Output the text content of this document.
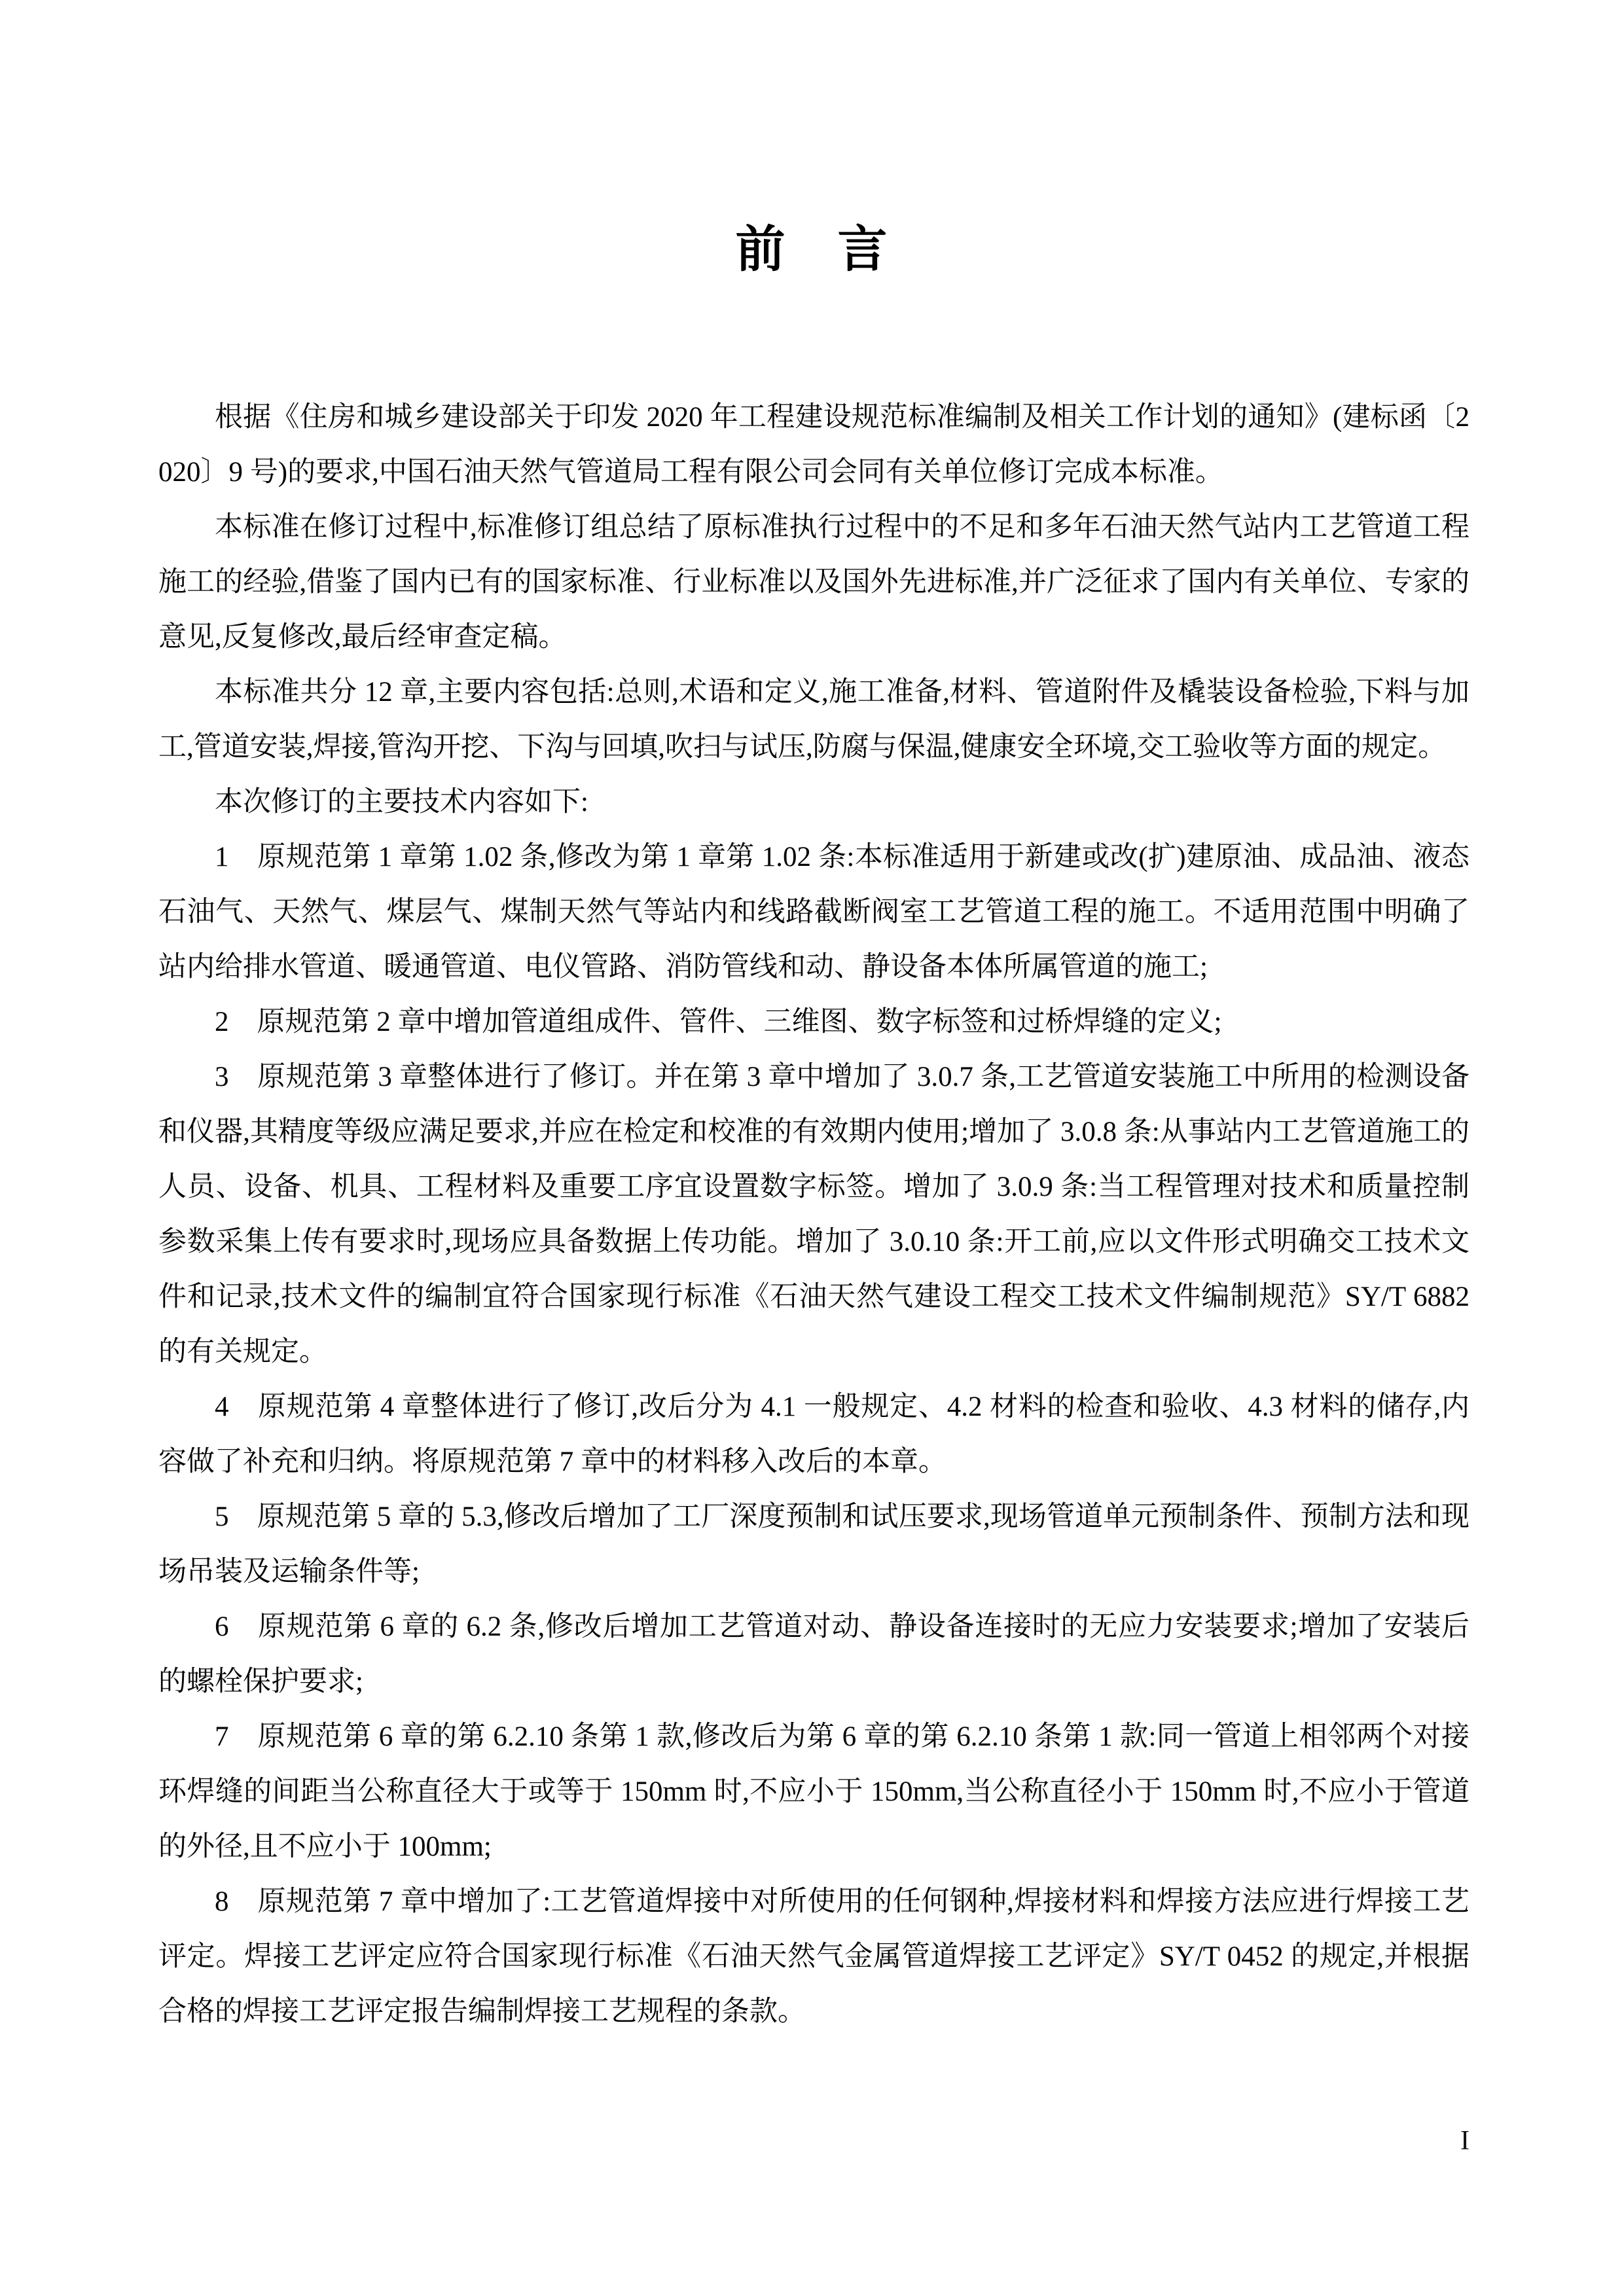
前　言

根据《住房和城乡建设部关于印发 2020 年工程建设规范标准编制及相关工作计划的通知》(建标函〔2020〕9 号)的要求,中国石油天然气管道局工程有限公司会同有关单位修订完成本标准。

本标准在修订过程中,标准修订组总结了原标准执行过程中的不足和多年石油天然气站内工艺管道工程施工的经验,借鉴了国内已有的国家标准、行业标准以及国外先进标准,并广泛征求了国内有关单位、专家的意见,反复修改,最后经审查定稿。

本标准共分 12 章,主要内容包括:总则,术语和定义,施工准备,材料、管道附件及橇装设备检验,下料与加工,管道安装,焊接,管沟开挖、下沟与回填,吹扫与试压,防腐与保温,健康安全环境,交工验收等方面的规定。

本次修订的主要技术内容如下:

1　原规范第 1 章第 1.02 条,修改为第 1 章第 1.02 条:本标准适用于新建或改(扩)建原油、成品油、液态石油气、天然气、煤层气、煤制天然气等站内和线路截断阀室工艺管道工程的施工。不适用范围中明确了站内给排水管道、暖通管道、电仪管路、消防管线和动、静设备本体所属管道的施工;

2　原规范第 2 章中增加管道组成件、管件、三维图、数字标签和过桥焊缝的定义;

3　原规范第 3 章整体进行了修订。并在第 3 章中增加了 3.0.7 条,工艺管道安装施工中所用的检测设备和仪器,其精度等级应满足要求,并应在检定和校准的有效期内使用;增加了 3.0.8 条:从事站内工艺管道施工的人员、设备、机具、工程材料及重要工序宜设置数字标签。增加了 3.0.9 条:当工程管理对技术和质量控制参数采集上传有要求时,现场应具备数据上传功能。增加了 3.0.10 条:开工前,应以文件形式明确交工技术文件和记录,技术文件的编制宜符合国家现行标准《石油天然气建设工程交工技术文件编制规范》SY/T 6882 的有关规定。

4　原规范第 4 章整体进行了修订,改后分为 4.1 一般规定、4.2 材料的检查和验收、4.3 材料的储存,内容做了补充和归纳。将原规范第 7 章中的材料移入改后的本章。

5　原规范第 5 章的 5.3,修改后增加了工厂深度预制和试压要求,现场管道单元预制条件、预制方法和现场吊装及运输条件等;

6　原规范第 6 章的 6.2 条,修改后增加工艺管道对动、静设备连接时的无应力安装要求;增加了安装后的螺栓保护要求;

7　原规范第 6 章的第 6.2.10 条第 1 款,修改后为第 6 章的第 6.2.10 条第 1 款:同一管道上相邻两个对接环焊缝的间距当公称直径大于或等于 150mm 时,不应小于 150mm,当公称直径小于 150mm 时,不应小于管道的外径,且不应小于 100mm;

8　原规范第 7 章中增加了:工艺管道焊接中对所使用的任何钢种,焊接材料和焊接方法应进行焊接工艺评定。焊接工艺评定应符合国家现行标准《石油天然气金属管道焊接工艺评定》SY/T 0452 的规定,并根据合格的焊接工艺评定报告编制焊接工艺规程的条款。

I
